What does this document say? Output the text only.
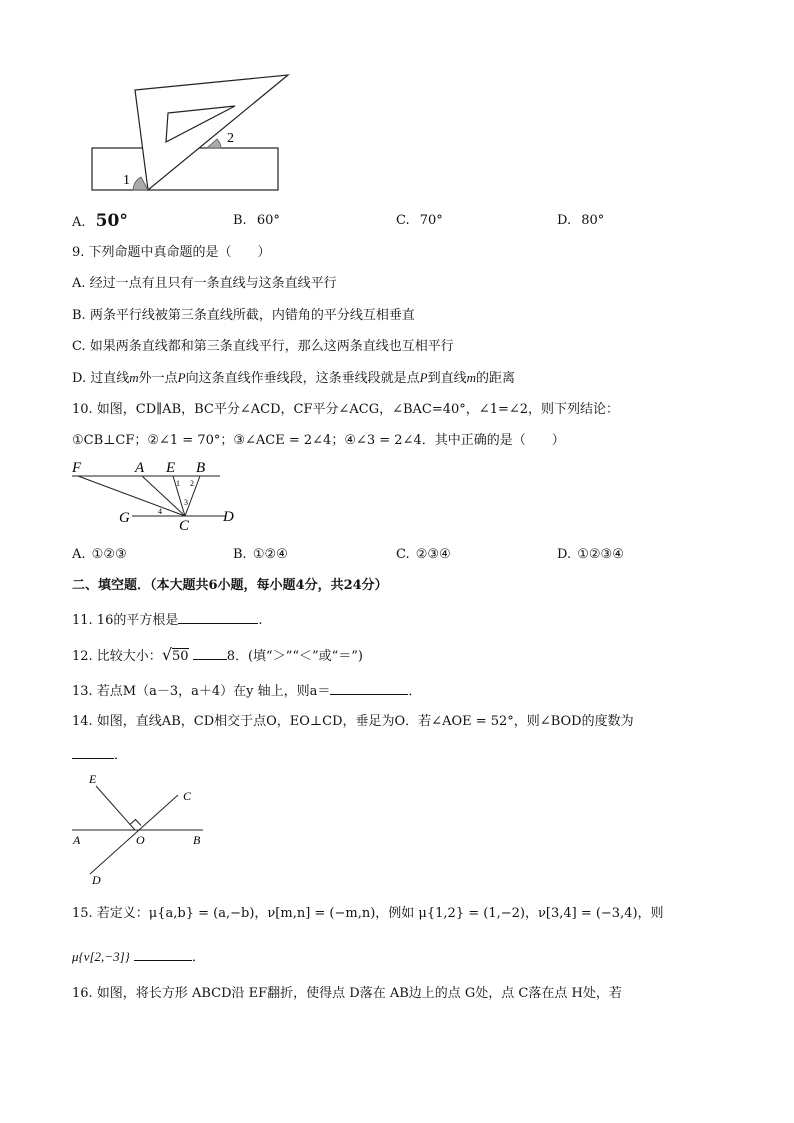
1
2
A. 50°	B. 60°	C. 70°	D. 80°
9. 下列命题中真命题的是（　　）
A. 经过一点有且只有一条直线与这条直线平行
B. 两条平行线被第三条直线所截，内错角的平分线互相垂直
C. 如果两条直线都和第三条直线平行，那么这两条直线也互相平行
D. 过直线m外一点P向这条直线作垂线段，这条垂线段就是点P到直线m的距离
10. 如图，CD∥AB，BC平分∠ACD，CF平分∠ACG，∠BAC=40°，∠1=∠2，则下列结论：
①CB⊥CF；②∠1 = 70°；③∠ACE = 2∠4；④∠3 = 2∠4．其中正确的是（　　）
F	A E B
G	C
D
1 2
3
4
A. ①②③	B. ①②④	C. ②③④	D. ①②③④
二、填空题．（本大题共6小题，每小题4分，共24分）
11. 16的平方根是	.
12. 比较大小：√50	8．(填“＞”“＜”或“＝”)
13. 若点M（a－3，a＋4）在y 轴上，则a＝	．
14. 如图，直线AB，CD相交于点O，EO⊥CD，垂足为O．若∠AOE = 52°，则∠BOD的度数为
．
E
C
A	O	B
D
15. 若定义：μ{a,b} = (a,−b)，ν[m,n] = (−m,n)，例如 μ{1,2} = (1,−2)，ν[3,4] = (−3,4)，则
μ{ν[2,−3]}	．
16. 如图，将长方形 ABCD沿 EF翻折，使得点 D落在 AB边上的点 G处，点 C落在点 H处，若
